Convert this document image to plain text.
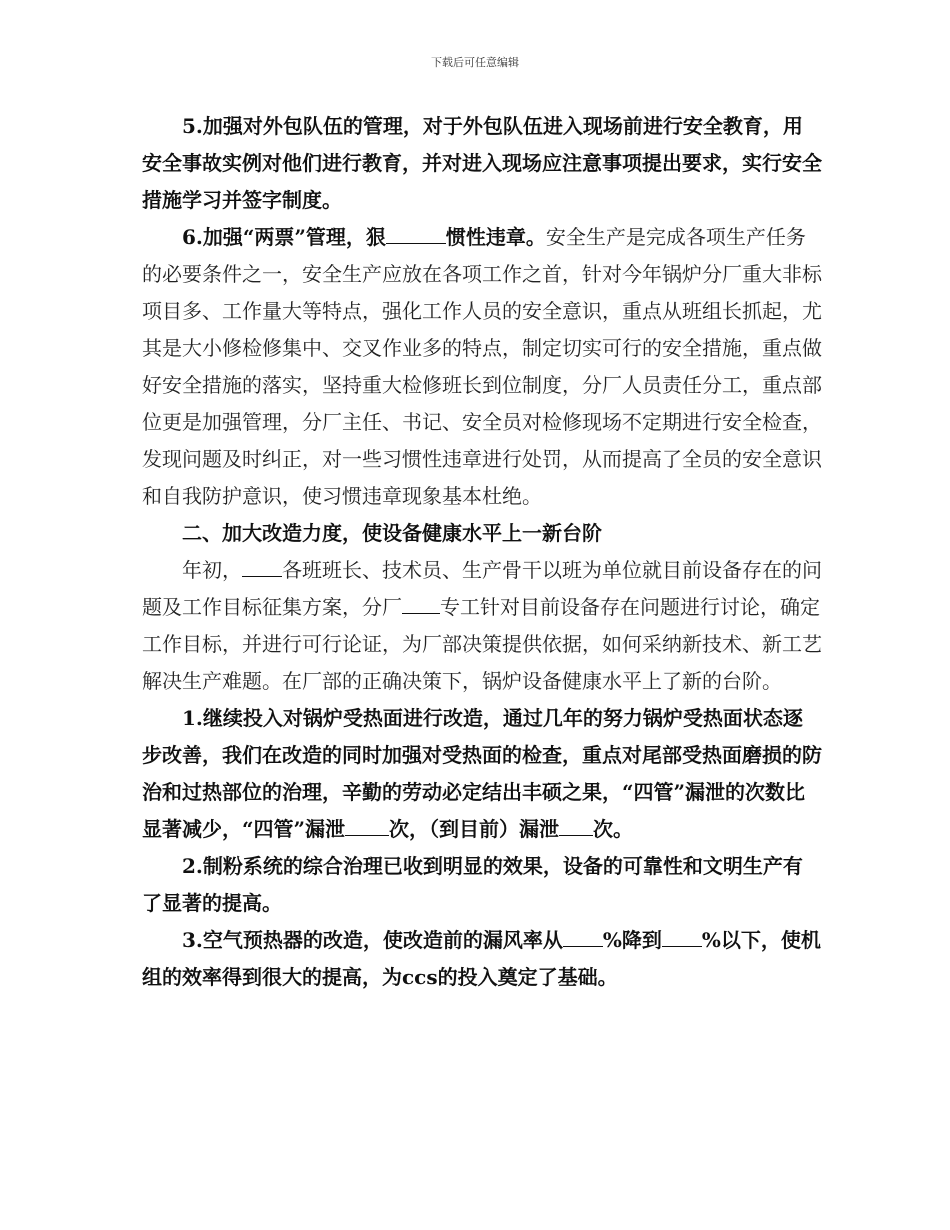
下载后可任意编辑

5.加强对外包队伍的管理，对于外包队伍进入现场前进行安全教育，用安全事故实例对他们进行教育，并对进入现场应注意事项提出要求，实行安全措施学习并签字制度。

6.加强“两票”管理，狠	惯性违章。安全生产是完成各项生产任务的必要条件之一，安全生产应放在各项工作之首，针对今年锅炉分厂重大非标项目多、工作量大等特点，强化工作人员的安全意识，重点从班组长抓起，尤其是大小修检修集中、交叉作业多的特点，制定切实可行的安全措施，重点做好安全措施的落实，坚持重大检修班长到位制度，分厂人员责任分工，重点部位更是加强管理，分厂主任、书记、安全员对检修现场不定期进行安全检查，发现问题及时纠正，对一些习惯性违章进行处罚，从而提高了全员的安全意识和自我防护意识，使习惯违章现象基本杜绝。

二、加大改造力度，使设备健康水平上一新台阶

年初， 各班班长、技术员、生产骨干以班为单位就目前设备存在的问题及工作目标征集方案，分厂 专工针对目前设备存在问题进行讨论，确定工作目标，并进行可行论证，为厂部决策提供依据，如何采纳新技术、新工艺解决生产难题。在厂部的正确决策下，锅炉设备健康水平上了新的台阶。

1.继续投入对锅炉受热面进行改造，通过几年的努力锅炉受热面状态逐步改善，我们在改造的同时加强对受热面的检查，重点对尾部受热面磨损的防治和过热部位的治理，辛勤的劳动必定结出丰硕之果，“四管”漏泄的次数比显著减少，“四管”漏泄 次，（到目前）漏泄 次。

2.制粉系统的综合治理已收到明显的效果，设备的可靠性和文明生产有了显著的提高。

3.空气预热器的改造，使改造前的漏风率从 %降到 %以下，使机组的效率得到很大的提高，为ccs的投入奠定了基础。
